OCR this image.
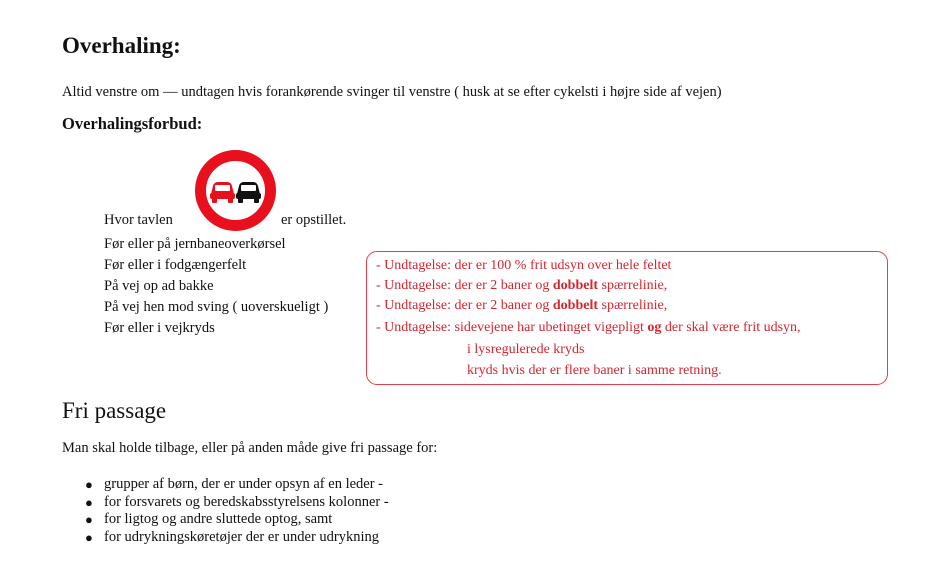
Overhaling:
Altid venstre om — undtagen hvis forankørende svinger til venstre ( husk at se efter cykelsti i højre side af vejen)
Overhalingsforbud:
Hvor tavlen	er opstillet.
Før eller på jernbaneoverkørsel
Før eller i fodgængerfelt
På vej op ad bakke
På vej hen mod sving ( uoverskueligt )
Før eller i vejkryds
- Undtagelse: der er 100 % frit udsyn over hele feltet
- Undtagelse: der er 2 baner og dobbelt spærrelinie,
- Undtagelse: der er 2 baner og dobbelt spærrelinie,
- Undtagelse: sidevejene har ubetinget vigepligt og der skal være frit udsyn,
i lysregulerede kryds
kryds hvis der er flere baner i samme retning.
Fri passage
Man skal holde tilbage, eller på anden måde give fri passage for:
● grupper af børn, der er under opsyn af en leder -
● for forsvarets og beredskabsstyrelsens kolonner -
● for ligtog og andre sluttede optog, samt
● for udrykningskøretøjer der er under udrykning
